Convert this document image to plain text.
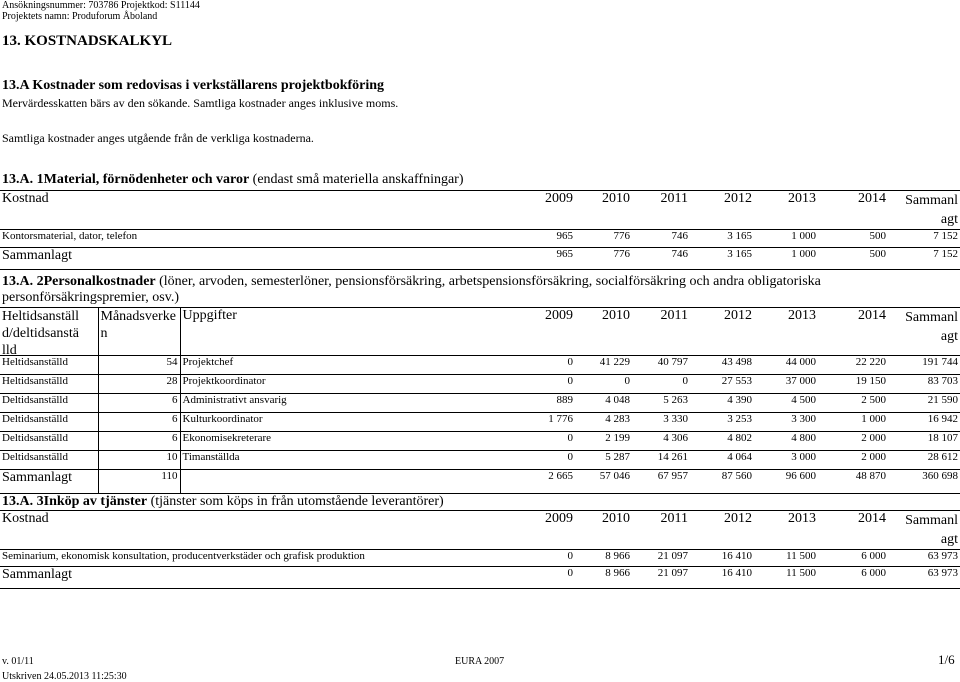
Ansökningsnummer: 703786 Projektkod: S11144
Projektets namn: Produforum Åboland
13. KOSTNADSKALKYL
13.A Kostnader som redovisas i verkställarens projektbokföring
Mervärdesskatten bärs av den sökande. Samtliga kostnader anges inklusive moms.
Samtliga kostnader anges utgående från de verkliga kostnaderna.
13.A. 1Material, förnödenheter och varor (endast små materiella anskaffningar)
Kostnad	2009	2010	2011	2012	2013	2014	Sammanl
agt
Kontorsmaterial, dator, telefon	965	776	746	3 165	1 000	500	7 152
Sammanlagt	965	776	746	3 165	1 000	500	7 152
13.A. 2Personalkostnader (löner, arvoden, semesterlöner, pensionsförsäkring, arbetspensionsförsäkring, socialförsäkring och andra obligatoriska
personförsäkringspremier, osv.)
Heltidsanställ
d/deltidsanstä
lld	Månadsverke
n	Uppgifter	2009	2010	2011	2012	2013	2014	Sammanl
agt
Heltidsanställd	54	Projektchef	0	41 229	40 797	43 498	44 000	22 220	191 744
Heltidsanställd	28	Projektkoordinator	0	0	0	27 553	37 000	19 150	83 703
Deltidsanställd	6	Administrativt ansvarig	889	4 048	5 263	4 390	4 500	2 500	21 590
Deltidsanställd	6	Kulturkoordinator	1 776	4 283	3 330	3 253	3 300	1 000	16 942
Deltidsanställd	6	Ekonomisekreterare	0	2 199	4 306	4 802	4 800	2 000	18 107
Deltidsanställd	10	Timanställda	0	5 287	14 261	4 064	3 000	2 000	28 612
Sammanlagt	110		2 665	57 046	67 957	87 560	96 600	48 870	360 698
13.A. 3Inköp av tjänster (tjänster som köps in från utomstående leverantörer)
Kostnad	2009	2010	2011	2012	2013	2014	Sammanl
agt
Seminarium, ekonomisk konsultation, producentverkstäder och grafisk produktion	0	8 966	21 097	16 410	11 500	6 000	63 973
Sammanlagt	0	8 966	21 097	16 410	11 500	6 000	63 973
v. 01/11	EURA 2007	1/6
Utskriven 24.05.2013 11:25:30
